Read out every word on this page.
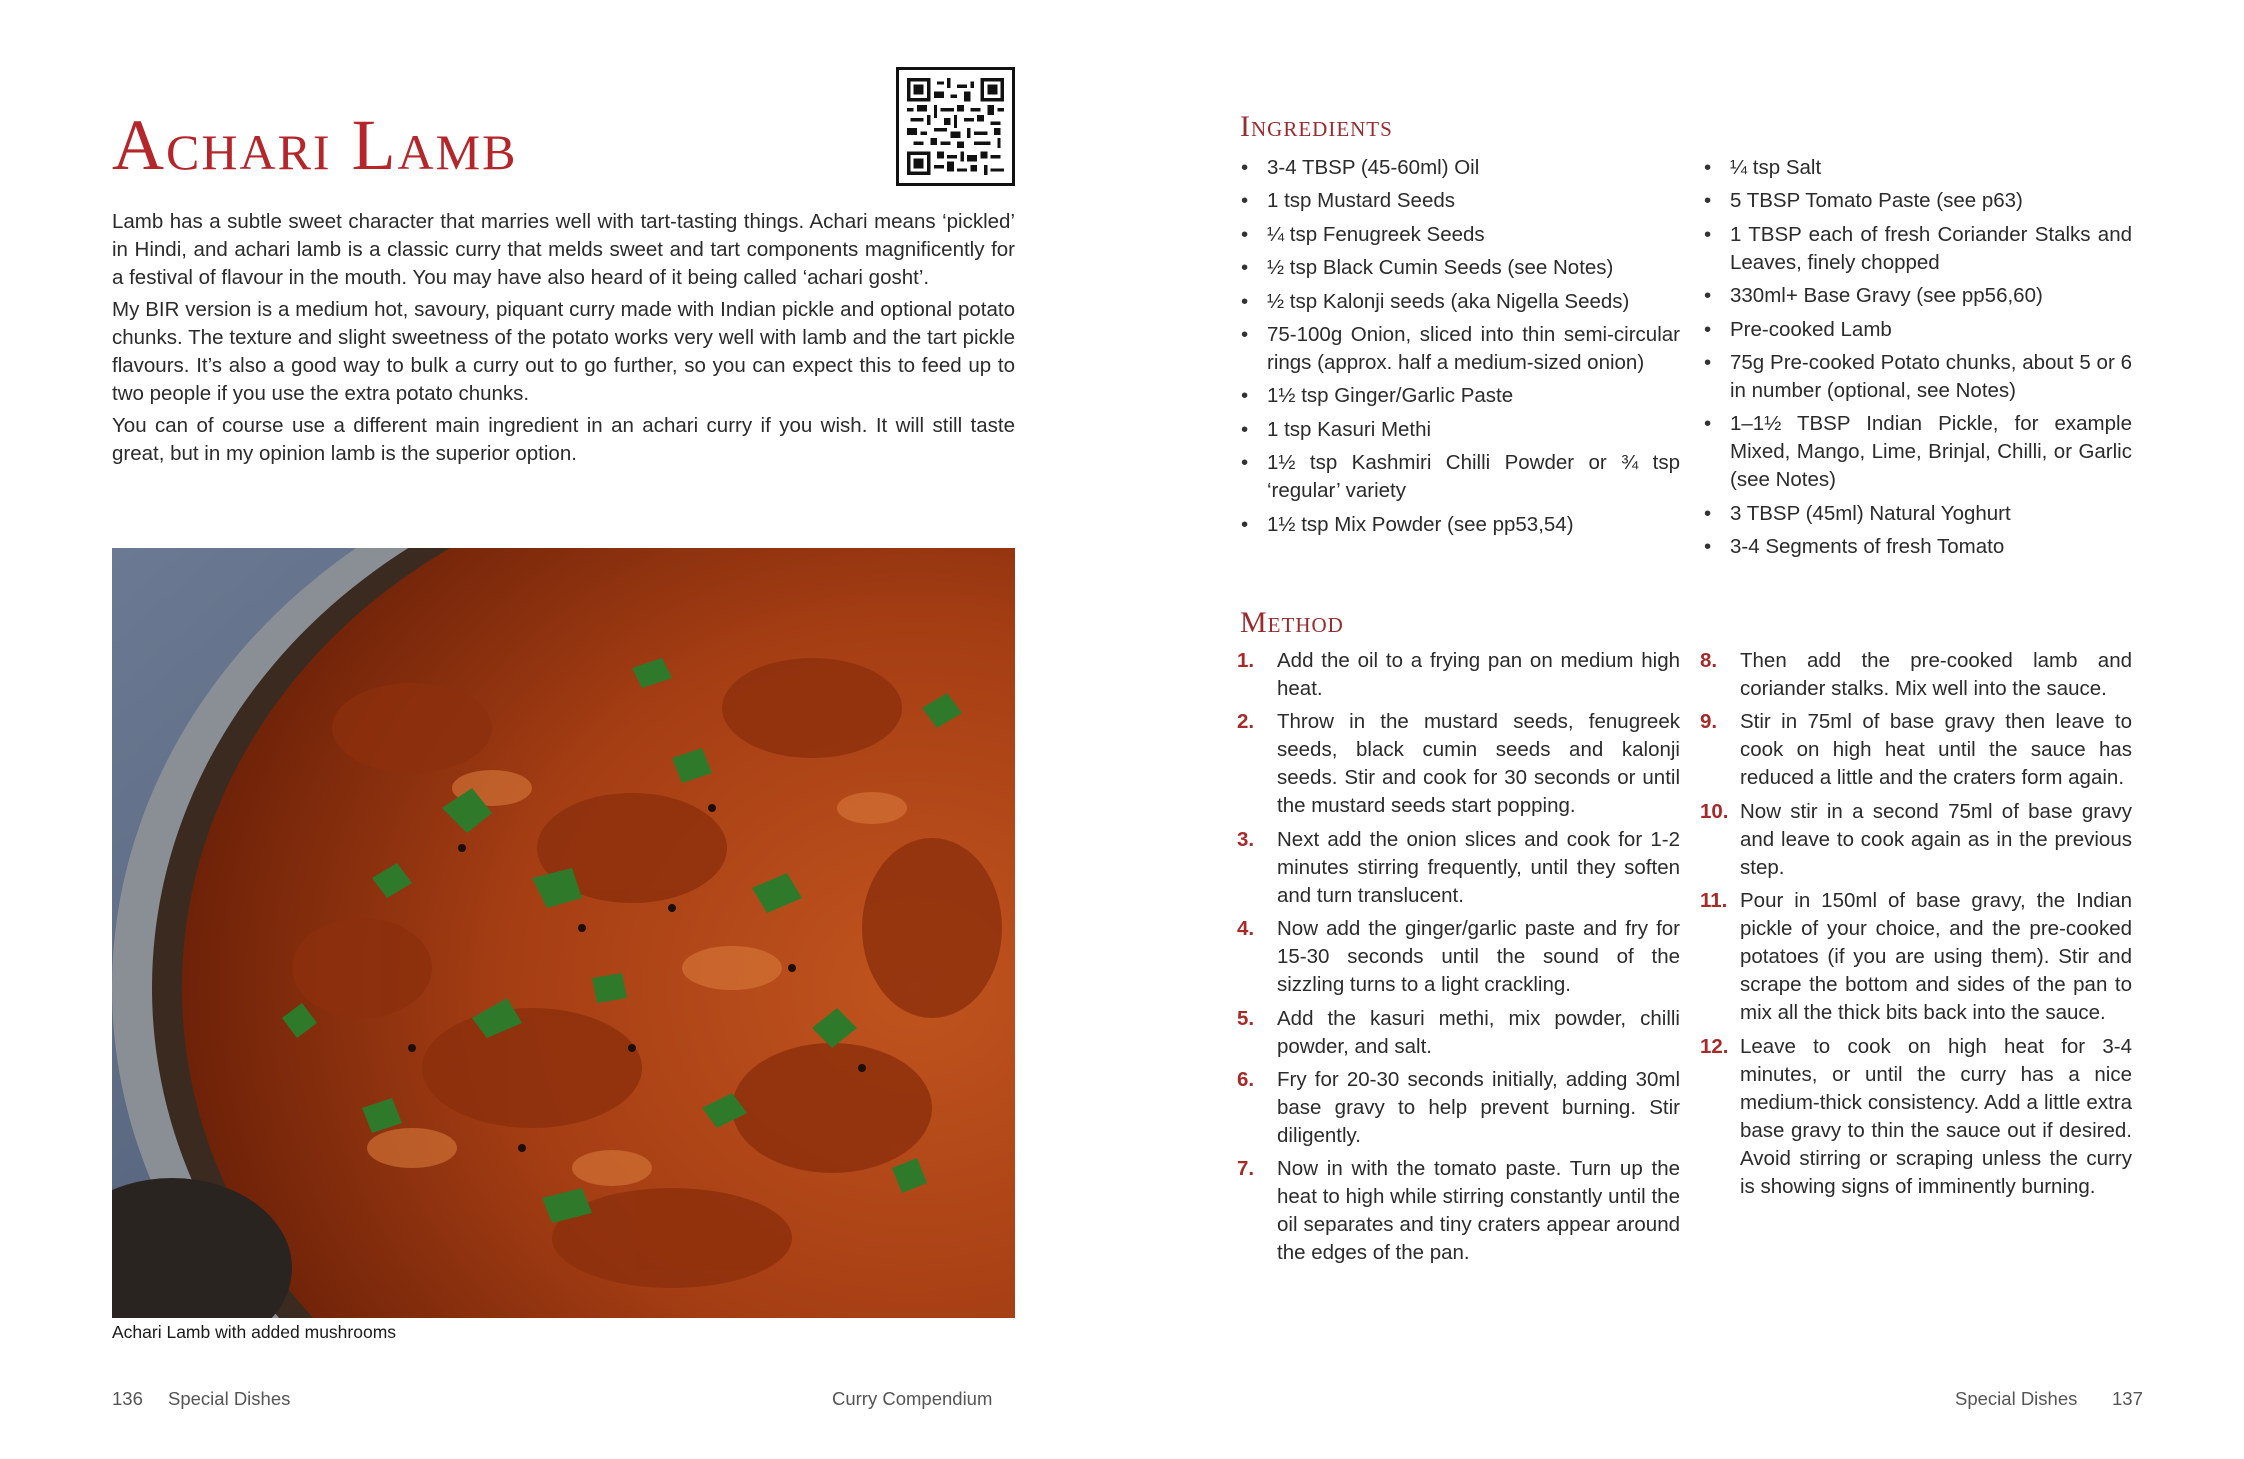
Achari Lamb

Lamb has a subtle sweet character that marries well with tart-tasting things. Achari means ‘pickled’ in Hindi, and achari lamb is a classic curry that melds sweet and tart components magnificently for a festival of flavour in the mouth. You may have also heard of it being called ‘achari gosht’.

My BIR version is a medium hot, savoury, piquant curry made with Indian pickle and optional potato chunks. The texture and slight sweetness of the potato works very well with lamb and the tart pickle flavours. It’s also a good way to bulk a curry out to go further, so you can expect this to feed up to two people if you use the extra potato chunks.

You can of course use a different main ingredient in an achari curry if you wish. It will still taste great, but in my opinion lamb is the superior option.

Achari Lamb with added mushrooms
136 Special Dishes	Curry Compendium
Ingredients
• 3-4 TBSP (45-60ml) Oil
• 1 tsp Mustard Seeds
• ¼ tsp Fenugreek Seeds
• ½ tsp Black Cumin Seeds (see Notes)
• ½ tsp Kalonji seeds (aka Nigella Seeds)
• 75-100g Onion, sliced into thin semi-circular rings (approx. half a medium-sized onion)
• 1½ tsp Ginger/Garlic Paste
• 1 tsp Kasuri Methi
• 1½ tsp Kashmiri Chilli Powder or ¾ tsp ‘regular’ variety
• 1½ tsp Mix Powder (see pp53,54)
• ¼ tsp Salt
• 5 TBSP Tomato Paste (see p63)
• 1 TBSP each of fresh Coriander Stalks and Leaves, finely chopped
• 330ml+ Base Gravy (see pp56,60)
• Pre-cooked Lamb
• 75g Pre-cooked Potato chunks, about 5 or 6 in number (optional, see Notes)
• 1–1½ TBSP Indian Pickle, for example Mixed, Mango, Lime, Brinjal, Chilli, or Garlic (see Notes)
• 3 TBSP (45ml) Natural Yoghurt
• 3-4 Segments of fresh Tomato
Method
1. Add the oil to a frying pan on medium high heat.
2. Throw in the mustard seeds, fenugreek seeds, black cumin seeds and kalonji seeds. Stir and cook for 30 seconds or until the mustard seeds start popping.
3. Next add the onion slices and cook for 1-2 minutes stirring frequently, until they soften and turn translucent.
4. Now add the ginger/garlic paste and fry for 15-30 seconds until the sound of the sizzling turns to a light crackling.
5. Add the kasuri methi, mix powder, chilli powder, and salt.
6. Fry for 20-30 seconds initially, adding 30ml base gravy to help prevent burning. Stir diligently.
7. Now in with the tomato paste. Turn up the heat to high while stirring constantly until the oil separates and tiny craters appear around the edges of the pan.
8. Then add the pre-cooked lamb and coriander stalks. Mix well into the sauce.
9. Stir in 75ml of base gravy then leave to cook on high heat until the sauce has reduced a little and the craters form again.
10. Now stir in a second 75ml of base gravy and leave to cook again as in the previous step.
11. Pour in 150ml of base gravy, the Indian pickle of your choice, and the pre-cooked potatoes (if you are using them). Stir and scrape the bottom and sides of the pan to mix all the thick bits back into the sauce.
12. Leave to cook on high heat for 3-4 minutes, or until the curry has a nice medium-thick consistency. Add a little extra base gravy to thin the sauce out if desired. Avoid stirring or scraping unless the curry is showing signs of imminently burning.
Special Dishes 137
